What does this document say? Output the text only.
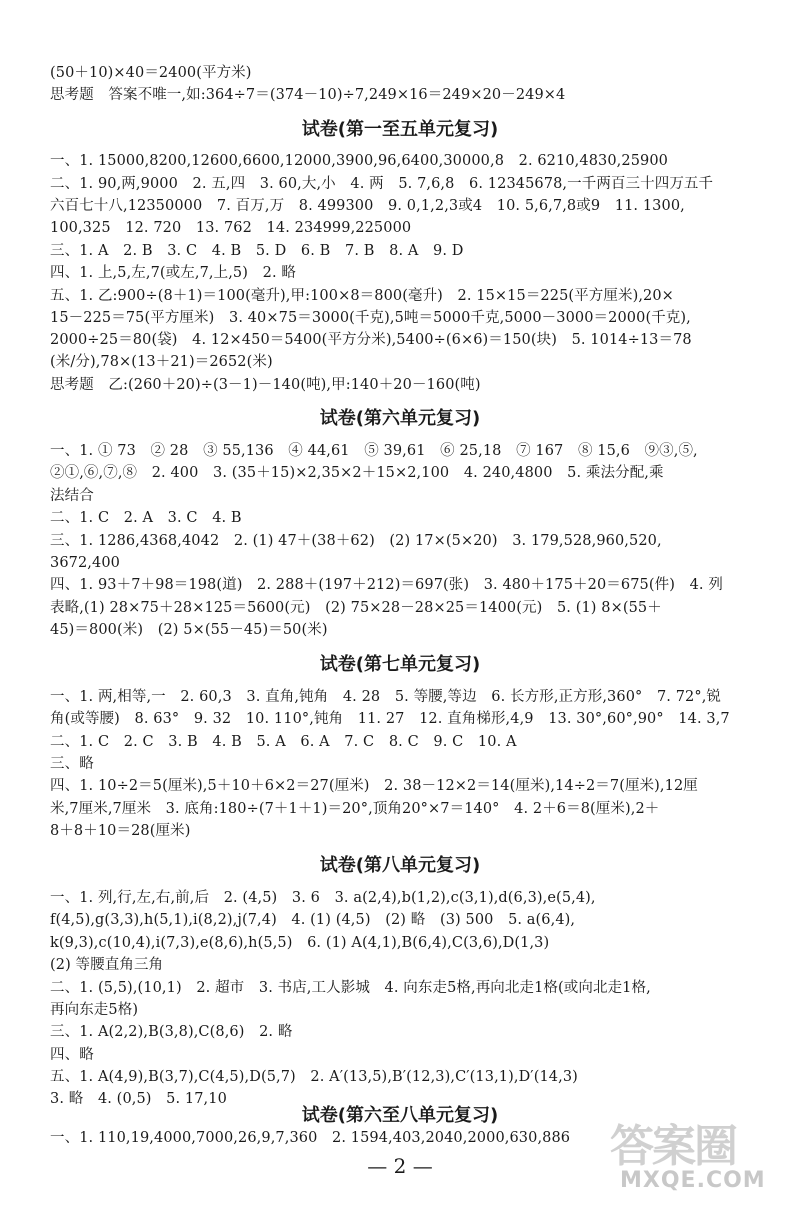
(50＋10)×40＝2400(平方米)
思考题　答案不唯一,如:364÷7＝(374－10)÷7,249×16＝249×20－249×4
试卷(第一至五单元复习)
一、1. 15000,8200,12600,6600,12000,3900,96,6400,30000,8　2. 6210,4830,25900
二、1. 90,两,9000　2. 五,四　3. 60,大,小　4. 两　5. 7,6,8　6. 12345678,一千两百三十四万五千
六百七十八,12350000　7. 百万,万　8. 499300　9. 0,1,2,3或4　10. 5,6,7,8或9　11. 1300,
100,325　12. 720　13. 762　14. 234999,225000
三、1. A　2. B　3. C　4. B　5. D　6. B　7. B　8. A　9. D
四、1. 上,5,左,7(或左,7,上,5)　2. 略
五、1. 乙:900÷(8＋1)＝100(毫升),甲:100×8＝800(毫升)　2. 15×15＝225(平方厘米),20×
15－225＝75(平方厘米)　3. 40×75＝3000(千克),5吨＝5000千克,5000－3000＝2000(千克),
2000÷25＝80(袋)　4. 12×450＝5400(平方分米),5400÷(6×6)＝150(块)　5. 1014÷13＝78
(米/分),78×(13＋21)＝2652(米)
思考题　乙:(260＋20)÷(3－1)－140(吨),甲:140＋20－160(吨)
试卷(第六单元复习)
一、1. ① 73　② 28　③ 55,136　④ 44,61　⑤ 39,61　⑥ 25,18　⑦ 167　⑧ 15,6　⑨③,⑤,
②①,⑥,⑦,⑧　2. 400　3. (35＋15)×2,35×2＋15×2,100　4. 240,4800　5. 乘法分配,乘
法结合
二、1. C　2. A　3. C　4. B
三、1. 1286,4368,4042　2. (1) 47＋(38＋62)　(2) 17×(5×20)　3. 179,528,960,520,
3672,400
四、1. 93＋7＋98＝198(道)　2. 288＋(197＋212)＝697(张)　3. 480＋175＋20＝675(件)　4. 列
表略,(1) 28×75＋28×125＝5600(元)　(2) 75×28－28×25＝1400(元)　5. (1) 8×(55＋
45)＝800(米)　(2) 5×(55－45)＝50(米)
试卷(第七单元复习)
一、1. 两,相等,一　2. 60,3　3. 直角,钝角　4. 28　5. 等腰,等边　6. 长方形,正方形,360°　7. 72°,锐
角(或等腰)　8. 63°　9. 32　10. 110°,钝角　11. 27　12. 直角梯形,4,9　13. 30°,60°,90°　14. 3,7
二、1. C　2. C　3. B　4. B　5. A　6. A　7. C　8. C　9. C　10. A
三、略
四、1. 10÷2＝5(厘米),5＋10＋6×2＝27(厘米)　2. 38－12×2＝14(厘米),14÷2＝7(厘米),12厘
米,7厘米,7厘米　3. 底角:180÷(7＋1＋1)＝20°,顶角20°×7＝140°　4. 2＋6＝8(厘米),2＋
8＋8＋10＝28(厘米)
试卷(第八单元复习)
一、1. 列,行,左,右,前,后　2. (4,5)　3. 6　3. a(2,4),b(1,2),c(3,1),d(6,3),e(5,4),
f(4,5),g(3,3),h(5,1),i(8,2),j(7,4)　4. (1) (4,5)　(2) 略　(3) 500　5. a(6,4),
k(9,3),c(10,4),i(7,3),e(8,6),h(5,5)　6. (1) A(4,1),B(6,4),C(3,6),D(1,3)
(2) 等腰直角三角
二、1. (5,5),(10,1)　2. 超市　3. 书店,工人影城　4. 向东走5格,再向北走1格(或向北走1格,
再向东走5格)
三、1. A(2,2),B(3,8),C(8,6)　2. 略
四、略
五、1. A(4,9),B(3,7),C(4,5),D(5,7)　2. A′(13,5),B′(12,3),C′(13,1),D′(14,3)
3. 略　4. (0,5)　5. 17,10
试卷(第六至八单元复习)
一、1. 110,19,4000,7000,26,9,7,360　2. 1594,403,2040,2000,630,886
— 2 —	答案圈
MXQE.COM
